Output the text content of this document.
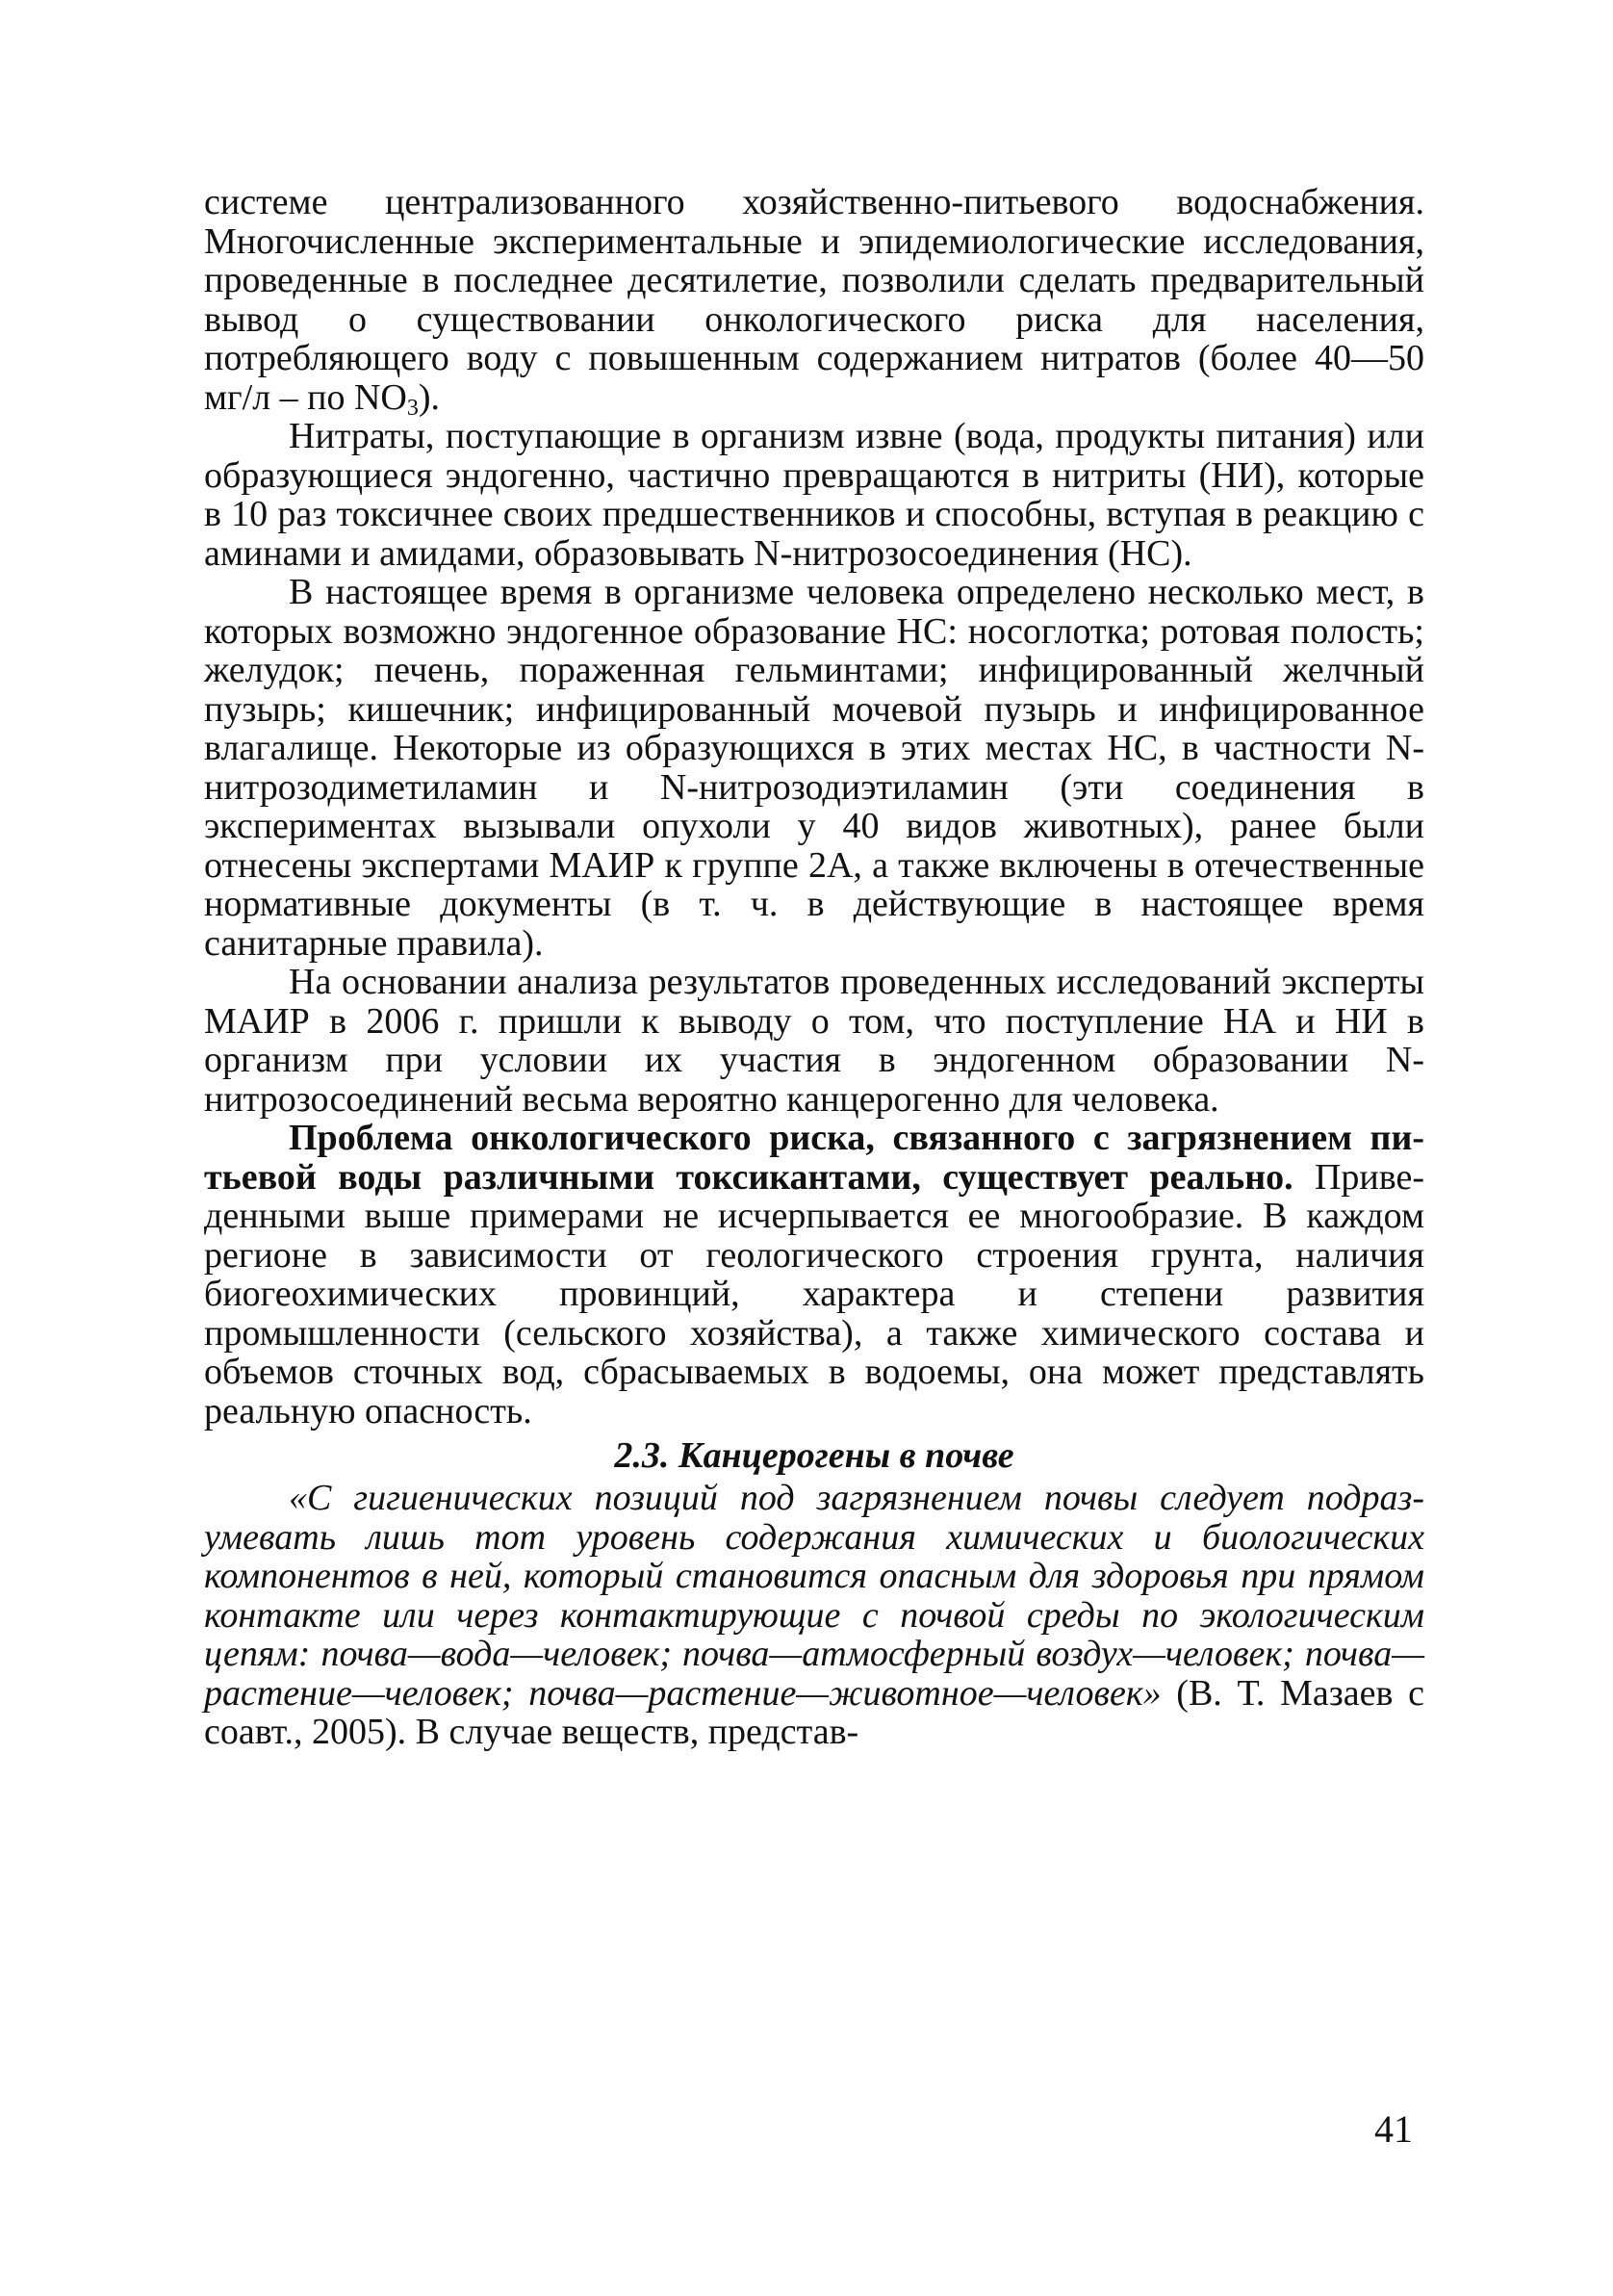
системе централизованного хозяйственно-питьевого водоснабжения. Многочисленные экспериментальные и эпидемиологические исследования, проведенные в последнее десятилетие, позволили сделать предварительный вывод о существовании онкологического риска для населения, потребляющего воду с повышенным содержанием нитратов (более 40—50 мг/л – по $NO_3$).

Нитраты, поступающие в организм извне (вода, продукты питания) или образующиеся эндогенно, частично превращаются в нитриты (НИ), которые в 10 раз токсичнее своих предшественников и способны, вступая в реакцию с аминами и амидами, образовывать N-нитрозосоединения (НС).

В настоящее время в организме человека определено несколько мест, в которых возможно эндогенное образование НС: носоглотка; ротовая полость; желудок; печень, пораженная гельминтами; инфицированный желчный пузырь; кишечник; инфицированный мочевой пузырь и инфицированное влагалище. Некоторые из образующихся в этих местах НС, в частности N-нитрозодиметиламин и N-нитрозодиэтиламин (эти соединения в экспериментах вызывали опухоли у 40 видов животных), ранее были отнесены экспертами МАИР к группе 2А, а также включены в отечественные нормативные документы (в т. ч. в действующие в настоящее время санитарные правила).

На основании анализа результатов проведенных исследований эксперты МАИР в 2006 г. пришли к выводу о том, что поступление НА и НИ в организм при условии их участия в эндогенном образовании N-нитрозосоединений весьма вероятно канцерогенно для человека.

Проблема онкологического риска, связанного с загрязнением питьевой воды различными токсикантами, существует реально. Приведенными выше примерами не исчерпывается ее многообразие. В каждом регионе в зависимости от геологического строения грунта, наличия биогеохимических провинций, характера и степени развития промышленности (сельского хозяйства), а также химического состава и объемов сточных вод, сбрасываемых в водоемы, она может представлять реальную опасность.

2.3. Канцерогены в почве

«С гигиенических позиций под загрязнением почвы следует подразумевать лишь тот уровень содержания химических и биологических компонентов в ней, который становится опасным для здоровья при прямом контакте или через контактирующие с почвой среды по экологическим цепям: почва—вода—человек; почва—атмосферный воздух—человек; почва—растение—человек; почва—растение—животное—человек» (В. Т. Мазаев с соавт., 2005). В случае веществ, представ-

41
